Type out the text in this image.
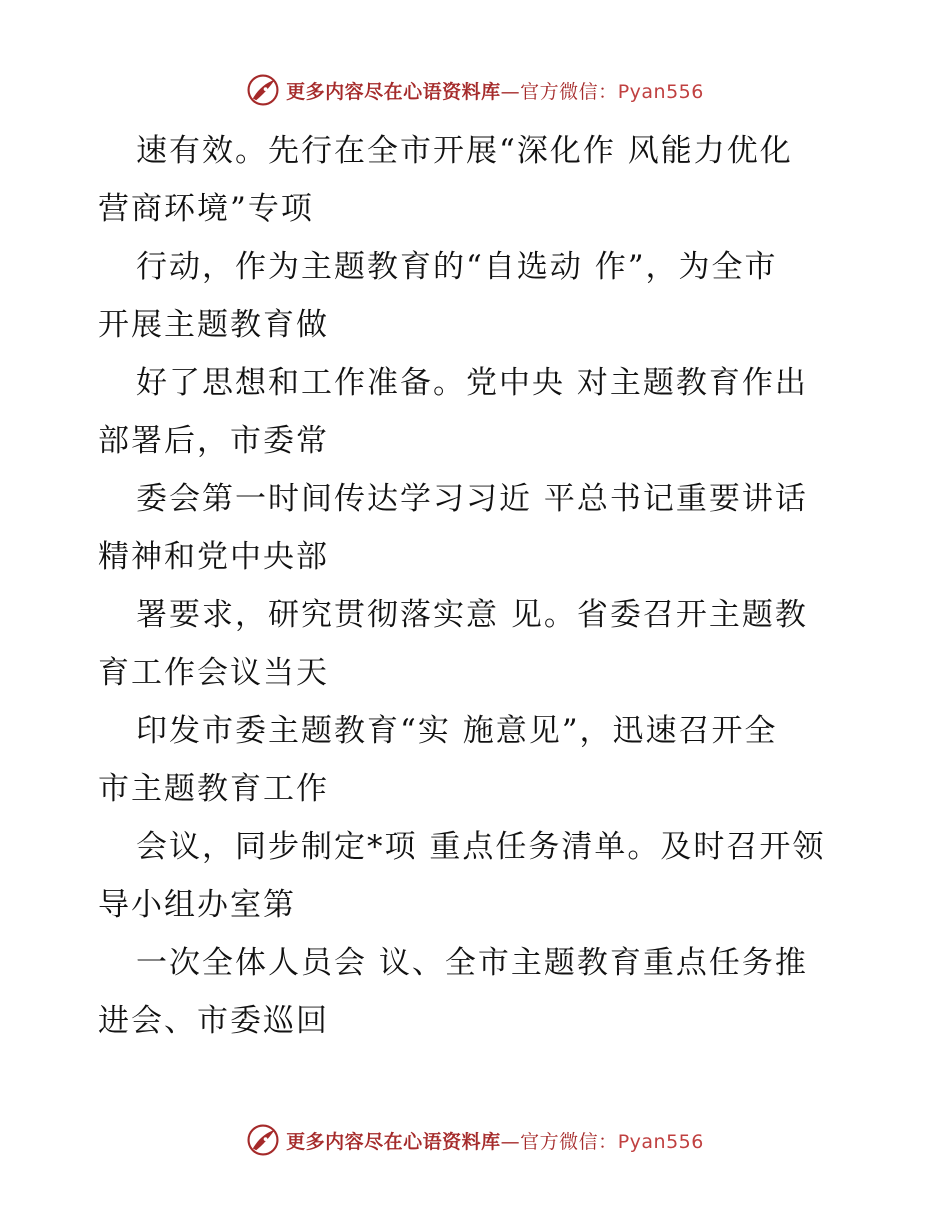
更多内容尽在心语资料库—官方微信：Pyan556

速有效。先行在全市开展“深化作 风能力优化
营商环境”专项

行动，作为主题教育的“自选动 作”，为全市
开展主题教育做

好了思想和工作准备。党中央 对主题教育作出
部署后，市委常

委会第一时间传达学习习近 平总书记重要讲话
精神和党中央部

署要求，研究贯彻落实意 见。省委召开主题教
育工作会议当天

印发市委主题教育“实 施意见”，迅速召开全
市主题教育工作

会议，同步制定*项 重点任务清单。及时召开领
导小组办室第

一次全体人员会 议、全市主题教育重点任务推
进会、市委巡回

更多内容尽在心语资料库—官方微信：Pyan556
